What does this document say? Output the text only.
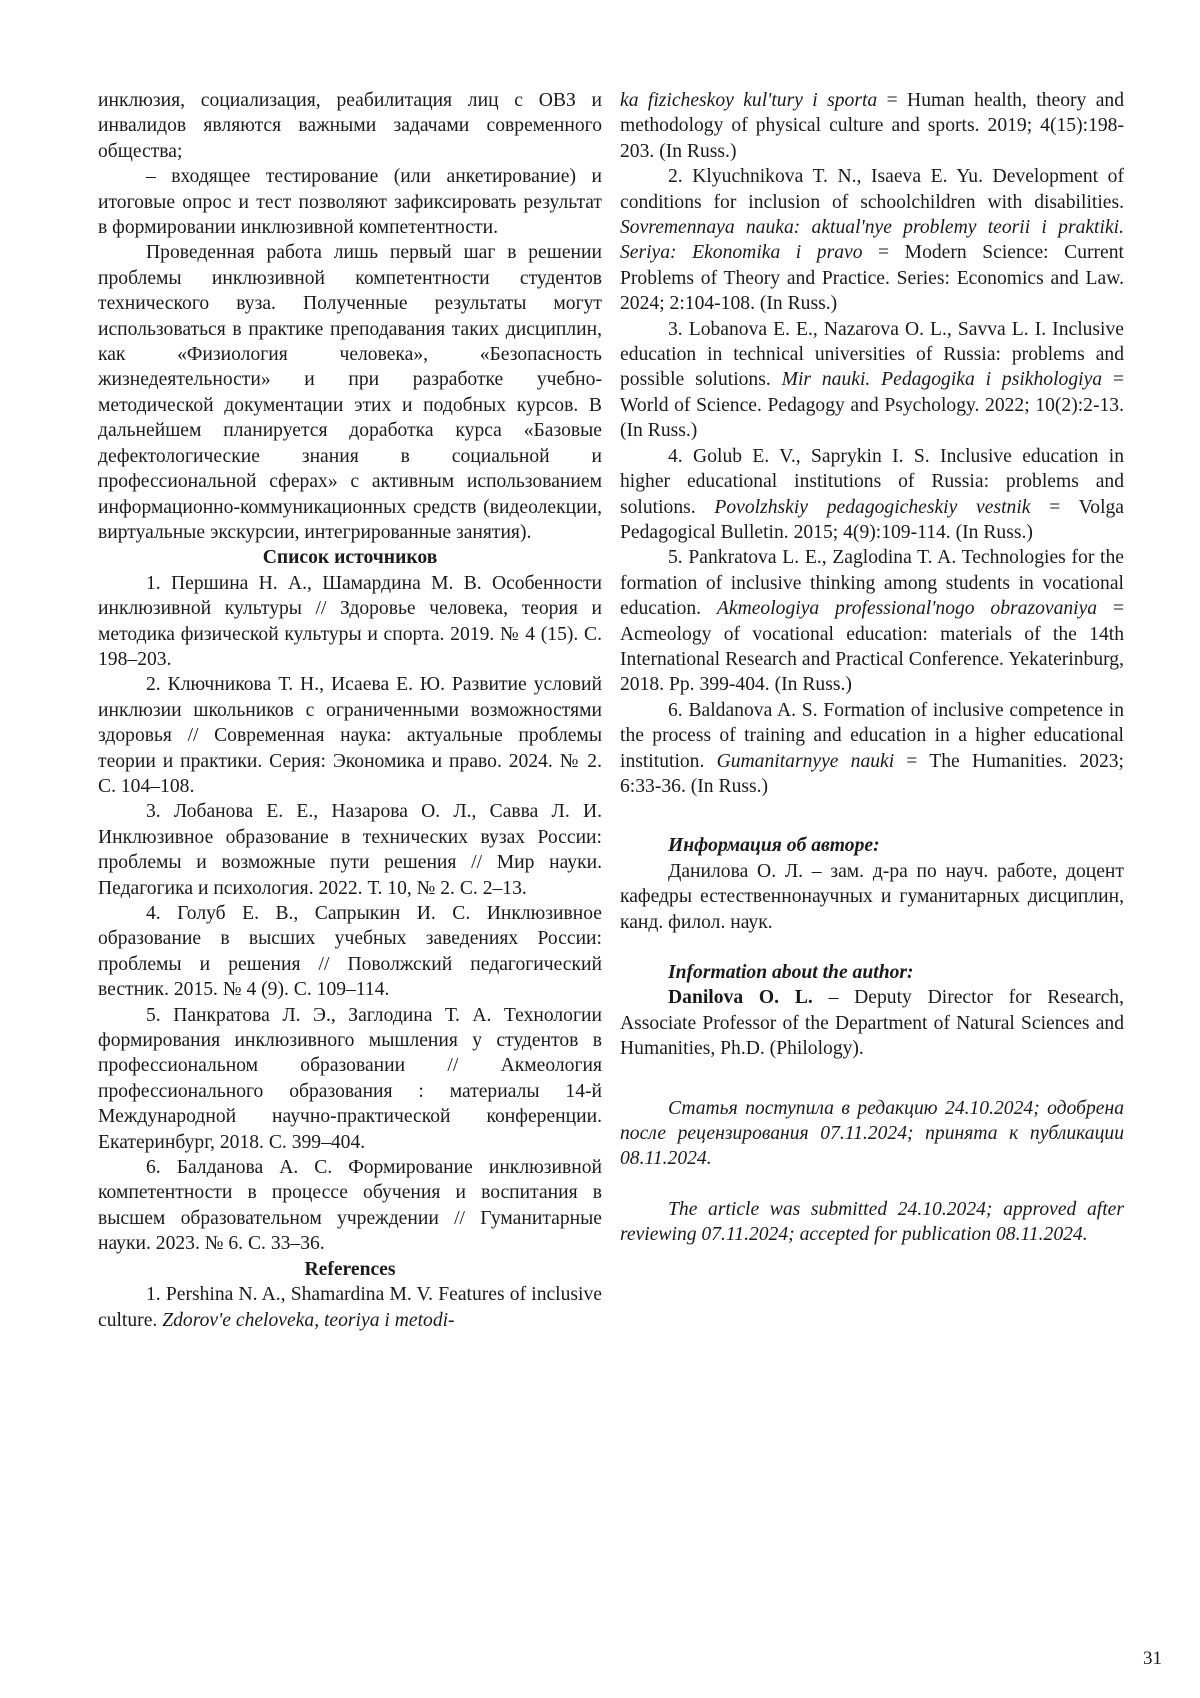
инклюзия, социализация, реабилитация лиц с ОВЗ и инвалидов являются важными задачами современного общества;

– входящее тестирование (или анкетирование) и итоговые опрос и тест позволяют зафиксировать результат в формировании инклюзивной компетентности.

Проведенная работа лишь первый шаг в решении проблемы инклюзивной компетентности студентов технического вуза. Полученные результаты могут использоваться в практике преподавания таких дисциплин, как «Физиология человека», «Безопасность жизнедеятельности» и при разработке учебно-методической документации этих и подобных курсов. В дальнейшем планируется доработка курса «Базовые дефектологические знания в социальной и профессиональной сферах» с активным использованием информационно-коммуникационных средств (видеолекции, виртуальные экскурсии, интегрированные занятия).

Список источников

1. Першина Н. А., Шамардина М. В. Особенности инклюзивной культуры // Здоровье человека, теория и методика физической культуры и спорта. 2019. № 4 (15). С. 198–203.

2. Ключникова Т. Н., Исаева Е. Ю. Развитие условий инклюзии школьников с ограниченными возможностями здоровья // Современная наука: актуальные проблемы теории и практики. Серия: Экономика и право. 2024. № 2. С. 104–108.

3. Лобанова Е. Е., Назарова О. Л., Савва Л. И. Инклюзивное образование в технических вузах России: проблемы и возможные пути решения // Мир науки. Педагогика и психология. 2022. Т. 10, № 2. С. 2–13.

4. Голуб Е. В., Сапрыкин И. С. Инклюзивное образование в высших учебных заведениях России: проблемы и решения // Поволжский педагогический вестник. 2015. № 4 (9). С. 109–114.

5. Панкратова Л. Э., Заглодина Т. А. Технологии формирования инклюзивного мышления у студентов в профессиональном образовании // Акмеология профессионального образования : материалы 14-й Международной научно-практической конференции. Екатеринбург, 2018. С. 399–404.

6. Балданова А. С. Формирование инклюзивной компетентности в процессе обучения и воспитания в высшем образовательном учреждении // Гуманитарные науки. 2023. № 6. С. 33–36.

References

1. Pershina N. A., Shamardina M. V. Features of inclusive culture. Zdorov'e cheloveka, teoriya i metodi-

ka fizicheskoy kul'tury i sporta = Human health, theory and methodology of physical culture and sports. 2019; 4(15):198-203. (In Russ.)

2. Klyuchnikova T. N., Isaeva E. Yu. Development of conditions for inclusion of schoolchildren with disabilities. Sovremennaya nauka: aktual'nye problemy teorii i praktiki. Seriya: Ekonomika i pravo = Modern Science: Current Problems of Theory and Practice. Series: Economics and Law. 2024; 2:104-108. (In Russ.)

3. Lobanova E. E., Nazarova O. L., Savva L. I. Inclusive education in technical universities of Russia: problems and possible solutions. Mir nauki. Pedagogika i psikhologiya = World of Science. Pedagogy and Psychology. 2022; 10(2):2-13. (In Russ.)

4. Golub E. V., Saprykin I. S. Inclusive education in higher educational institutions of Russia: problems and solutions. Povolzhskiy pedagogicheskiy vestnik = Volga Pedagogical Bulletin. 2015; 4(9):109-114. (In Russ.)

5. Pankratova L. E., Zaglodina T. A. Technologies for the formation of inclusive thinking among students in vocational education. Akmeologiya professional'nogo obrazovaniya = Acmeology of vocational education: materials of the 14th International Research and Practical Conference. Yekaterinburg, 2018. Pp. 399-404. (In Russ.)

6. Baldanova A. S. Formation of inclusive competence in the process of training and education in a higher educational institution. Gumanitarnyye nauki = The Humanities. 2023; 6:33-36. (In Russ.)

Информация об авторе:

Данилова О. Л. – зам. д-ра по науч. работе, доцент кафедры естественнонаучных и гуманитарных дисциплин, канд. филол. наук.

Information about the author:

Danilova O. L. – Deputy Director for Research, Associate Professor of the Department of Natural Sciences and Humanities, Ph.D. (Philology).

Статья поступила в редакцию 24.10.2024; одобрена после рецензирования 07.11.2024; принята к публикации 08.11.2024.

The article was submitted 24.10.2024; approved after reviewing 07.11.2024; accepted for publication 08.11.2024.

31
